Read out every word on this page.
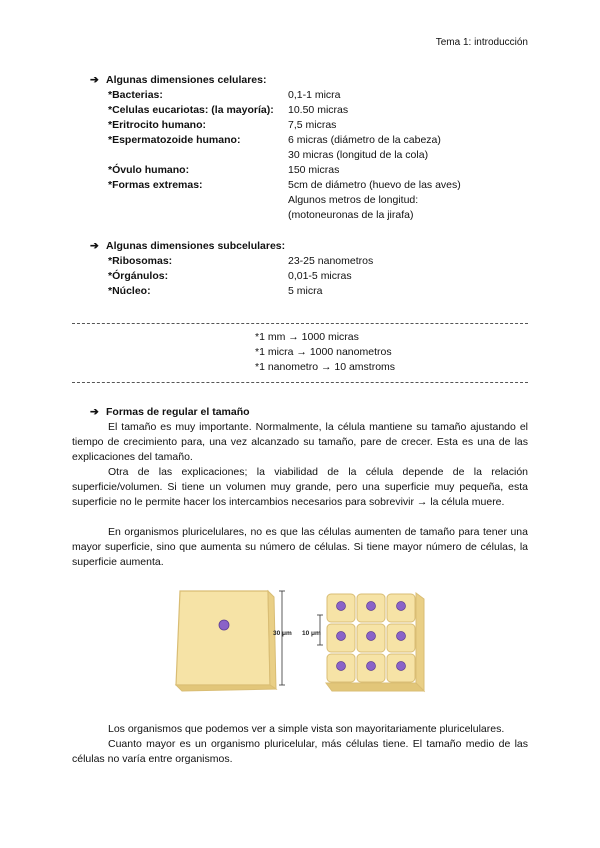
Tema 1: introducción
➔ Algunas dimensiones celulares:
*Bacterias:	0,1-1 micra
*Celulas eucariotas: (la mayoría): 10.50 micras
*Eritrocito humano:	7,5 micras
*Espermatozoide humano:	6 micras (diámetro de la cabeza)
30 micras (longitud de la cola)
*Óvulo humano:	150 micras
*Formas extremas:	5cm de diámetro (huevo de las aves)
Algunos metros de longitud:
(motoneuronas de la jirafa)
➔ Algunas dimensiones subcelulares:
*Ribosomas:	23-25 nanometros
*Órgánulos:	0,01-5 micras
*Núcleo:	5 micra
*1 mm → 1000 micras
*1 micra → 1000 nanometros
*1 nanometro → 10 amstroms
➔ Formas de regular el tamaño
El tamaño es muy importante. Normalmente, la célula mantiene su tamaño ajustando el tiempo de crecimiento para, una vez alcanzado su tamaño, pare de crecer. Esta es una de las explicaciones del tamaño.
Otra de las explicaciones; la viabilidad de la célula depende de la relación superficie/volumen. Si tiene un volumen muy grande, pero una superficie muy pequeña, esta superficie no le permite hacer los intercambios necesarios para sobrevivir → la célula muere.
En organismos pluricelulares, no es que las células aumenten de tamaño para tener una mayor superficie, sino que aumenta su número de células. Si tiene mayor número de células, la superficie aumenta.
30 μm 10 μm
Los organismos que podemos ver a simple vista son mayoritariamente pluricelulares.
Cuanto mayor es un organismo pluricelular, más células tiene. El tamaño medio de las células no varía entre organismos.
